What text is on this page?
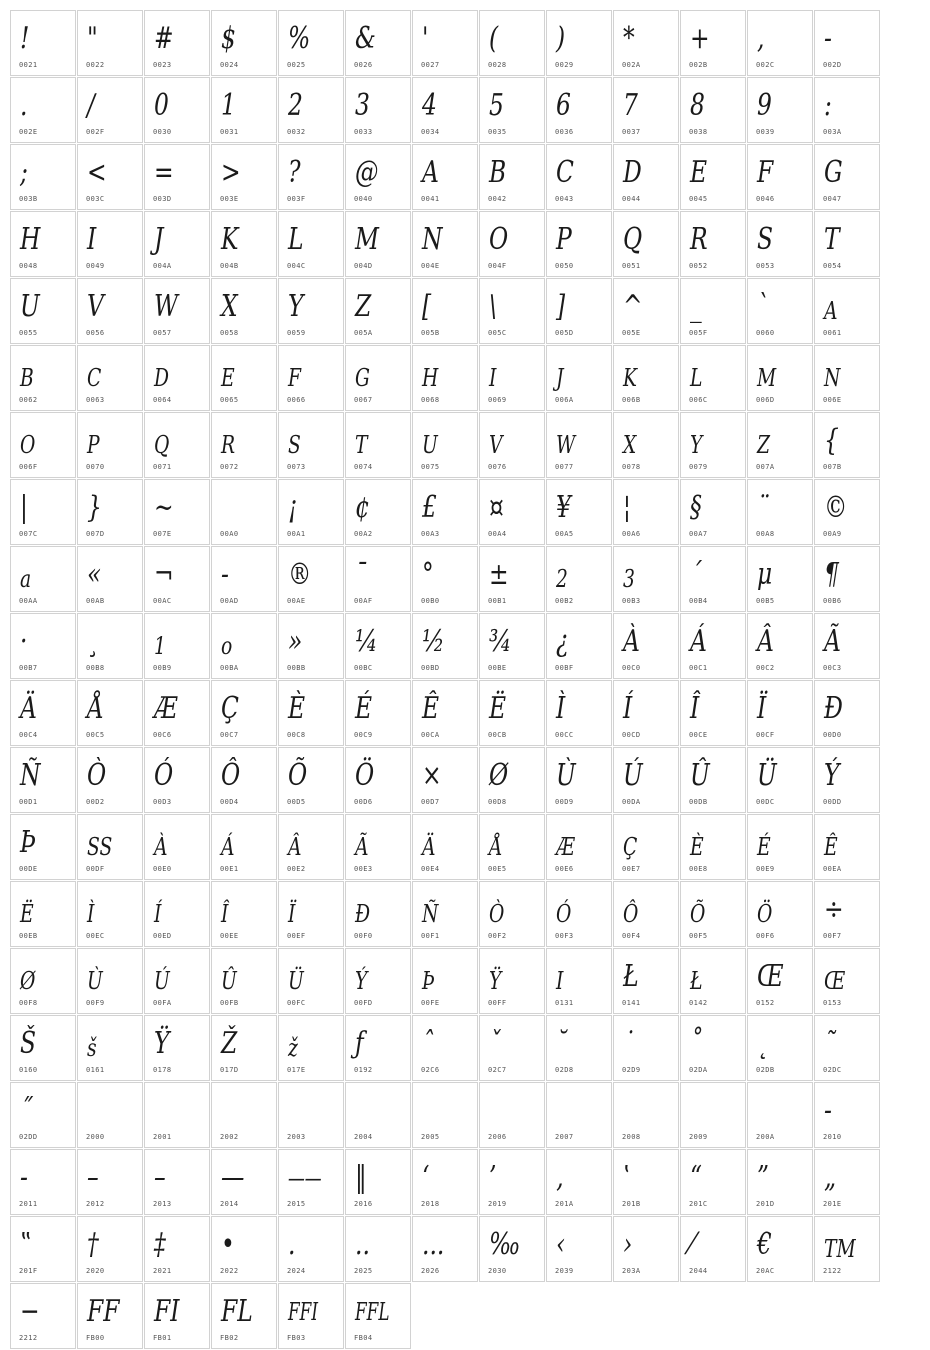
!
0021
"
0022
#
0023
$
0024
%
0025
&
0026
'
0027
(
0028
)
0029
*
002A
+
002B
,
002C
-
002D
.
002E
/
002F
0
0030
1
0031
2
0032
3
0033
4
0034
5
0035
6
0036
7
0037
8
0038
9
0039
:
003A
;
003B
<
003C
=
003D
>
003E
?
003F
@
0040
A
0041
B
0042
C
0043
D
0044
E
0045
F
0046
G
0047
H
0048
I
0049
J
004A
K
004B
L
004C
M
004D
N
004E
O
004F
P
0050
Q
0051
R
0052
S
0053
T
0054
U
0055
V
0056
W
0057
X
0058
Y
0059
Z
005A
[
005B
\
005C
]
005D
^
005E
_
005F
`
0060
A
0061
B
0062
C
0063
D
0064
E
0065
F
0066
G
0067
H
0068
I
0069
J
006A
K
006B
L
006C
M
006D
N
006E
O
006F
P
0070
Q
0071
R
0072
S
0073
T
0074
U
0075
V
0076
W
0077
X
0078
Y
0079
Z
007A
{
007B
|
007C
}
007D
~
007E	00A0
¡
00A1
¢
00A2
£
00A3
¤
00A4
¥
00A5
¦
00A6
§
00A7
¨
00A8
©
00A9
a
00AA
«
00AB
¬
00AC
-
00AD
®
00AE
¯
00AF
°
00B0
±
00B1
2
00B2
3
00B3
´
00B4
μ
00B5
¶
00B6
·
00B7
¸
00B8
1
00B9
o
00BA
»
00BB
¼
00BC
½
00BD
¾
00BE
¿
00BF
À
00C0
Á
00C1
Â
00C2
Ã
00C3
Ä
00C4
Å
00C5
Æ
00C6
Ç
00C7
È
00C8
É
00C9
Ê
00CA
Ë
00CB
Ì
00CC
Í
00CD
Î
00CE
Ï
00CF
Đ
00D0
Ñ
00D1
Ò
00D2
Ó
00D3
Ô
00D4
Õ
00D5
Ö
00D6
×
00D7
Ø
00D8
Ù
00D9
Ú
00DA
Û
00DB
Ü
00DC
Ý
00DD
Þ
00DE
SS
00DF
À
00E0
Á
00E1
Â
00E2
Ã
00E3
Ä
00E4
Å
00E5
Æ
00E6
Ç
00E7
È
00E8
É
00E9
Ê
00EA
Ë
00EB
Ì
00EC
Í
00ED
Î
00EE
Ï
00EF
Đ
00F0
Ñ
00F1
Ò
00F2
Ó
00F3
Ô
00F4
Õ
00F5
Ö
00F6
÷
00F7
Ø
00F8
Ù
00F9
Ú
00FA
Û
00FB
Ü
00FC
Ý
00FD
Þ
00FE
Ÿ
00FF
I
0131
Ł
0141
Ł
0142
Œ
0152
Œ
0153
Š
0160
š
0161
Ÿ
0178
Ž
017D
ž
017E
ƒ
0192
ˆ
02C6
ˇ
02C7
˘
02D8
˙
02D9
˚
02DA
˛
02DB
˜
02DC
˝
02DD	2000	2001	2002	2003	2004	2005	2006	2007	2008	2009	200A
-
2010
-
2011
–
2012
–
2013
—
2014
——
2015
‖
2016
‘
2018
’
2019
‚
201A
‛
201B
“
201C
”
201D
„
201E
‟
201F
†
2020
‡
2021
•
2022
.
2024
..
2025
...
2026
‰
2030
‹
2039
›
203A
⁄
2044
€
20AC
TM
2122
−
2212
FF
FB00
FI
FB01
FL
FB02
FFI
FB03
FFL
FB04
